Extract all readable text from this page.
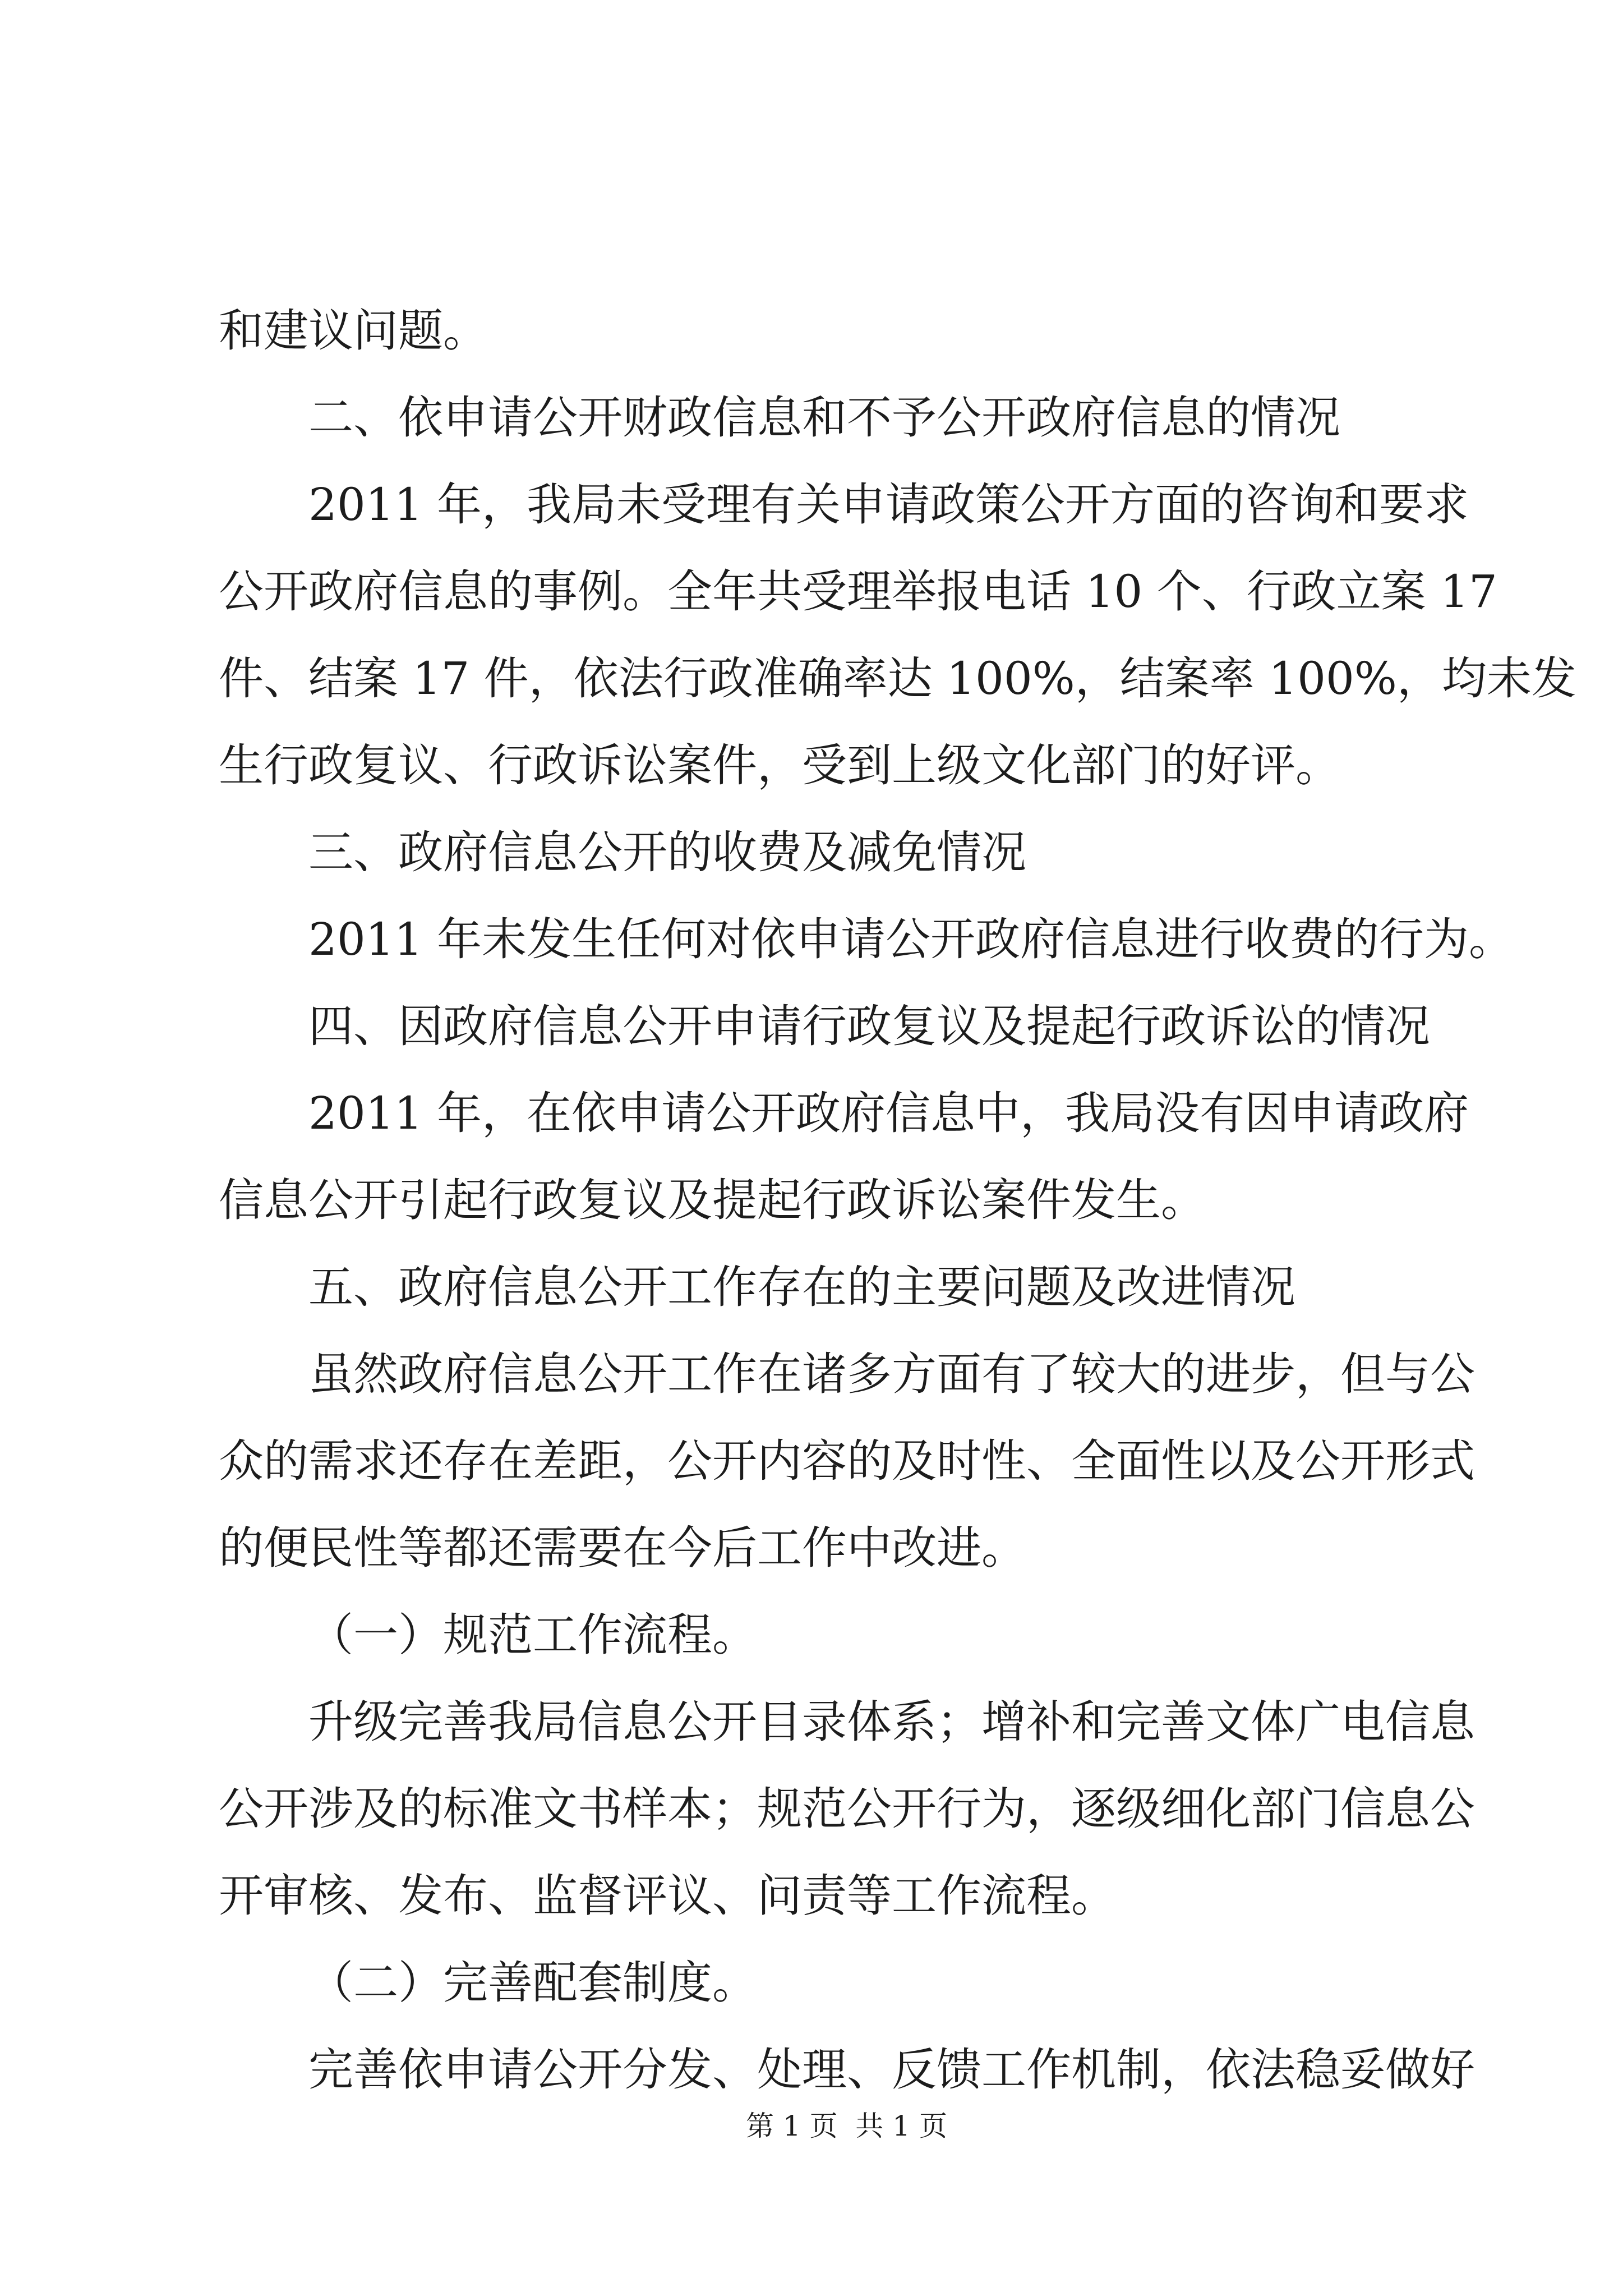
和建议问题。

二、依申请公开财政信息和不予公开政府信息的情况

2011 年，我局未受理有关申请政策公开方面的咨询和要求

公开政府信息的事例。全年共受理举报电话 10 个、行政立案 17

件、结案 17 件，依法行政准确率达 100%，结案率 100%，均未发

生行政复议、行政诉讼案件，受到上级文化部门的好评。

三、政府信息公开的收费及减免情况

2011 年未发生任何对依申请公开政府信息进行收费的行为。

四、因政府信息公开申请行政复议及提起行政诉讼的情况

2011 年，在依申请公开政府信息中，我局没有因申请政府

信息公开引起行政复议及提起行政诉讼案件发生。

五、政府信息公开工作存在的主要问题及改进情况

虽然政府信息公开工作在诸多方面有了较大的进步，但与公

众的需求还存在差距，公开内容的及时性、全面性以及公开形式

的便民性等都还需要在今后工作中改进。

（一）规范工作流程。

升级完善我局信息公开目录体系；增补和完善文体广电信息

公开涉及的标准文书样本；规范公开行为，逐级细化部门信息公

开审核、发布、监督评议、问责等工作流程。

（二）完善配套制度。

完善依申请公开分发、处理、反馈工作机制，依法稳妥做好

第 1 页  共 1 页
